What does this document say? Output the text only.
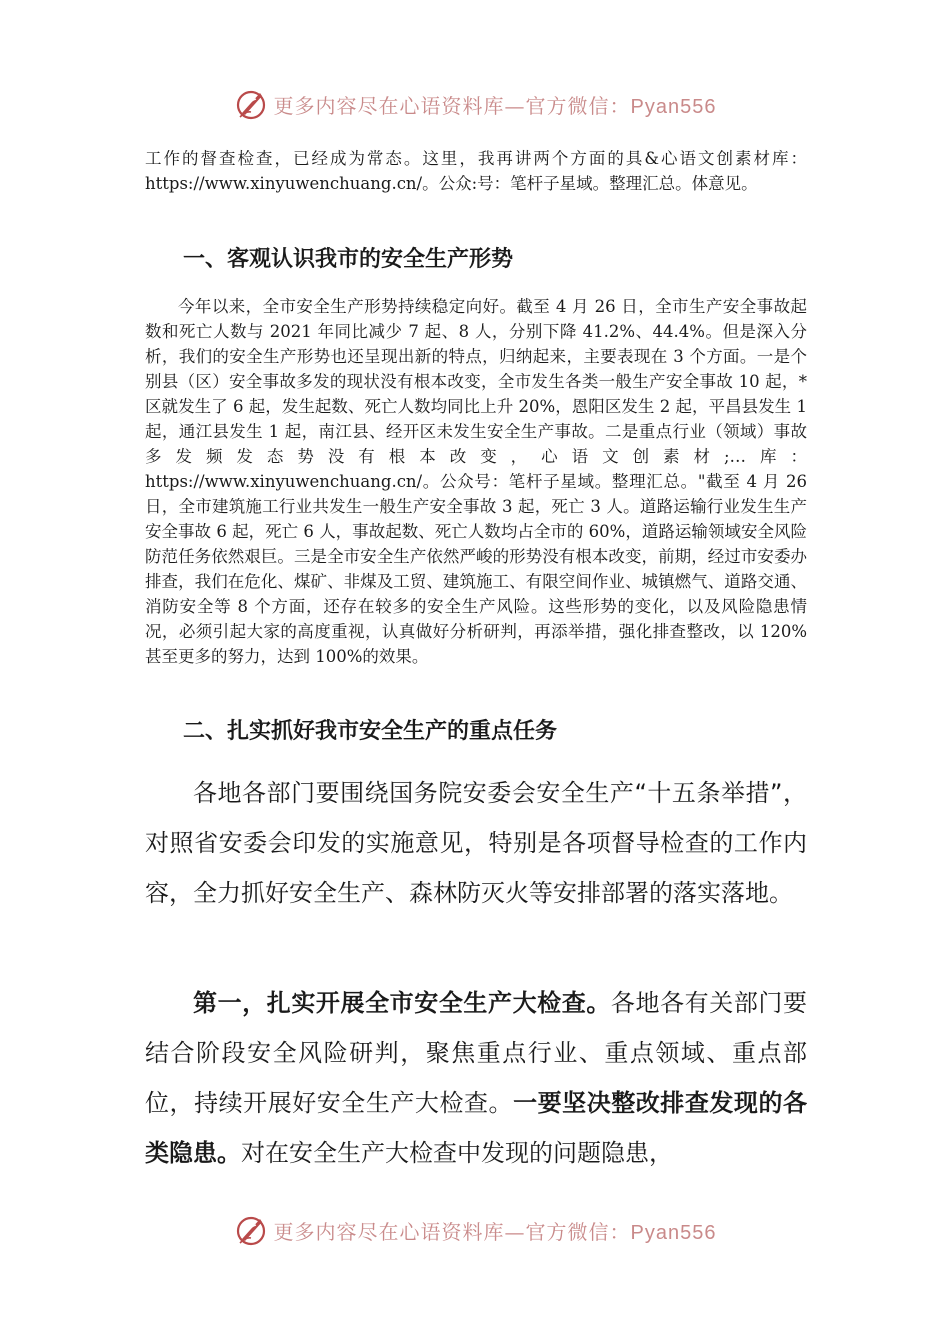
更多内容尽在心语资料库—官方微信：Pyan556

工作的督查检查，已经成为常态。这里，我再讲两个方面的具&心语文创素材库：https://www.xinyuwenchuang.cn/。公众:号：笔杆子星域。整理汇总。体意见。

一、客观认识我市的安全生产形势

今年以来，全市安全生产形势持续稳定向好。截至 4 月 26 日，全市生产安全事故起数和死亡人数与 2021 年同比减少 7 起、8 人，分别下降 41.2%、44.4%。但是深入分析，我们的安全生产形势也还呈现出新的特点，归纳起来，主要表现在 3 个方面。一是个别县（区）安全事故多发的现状没有根本改变，全市发生各类一般生产安全事故 10 起，*区就发生了 6 起，发生起数、死亡人数均同比上升 20%，恩阳区发生 2 起，平昌县发生 1 起，通江县发生 1 起，南江县、经开区未发生安全生产事故。二是重点行业（领域）事故多发频发态势没有根本改变，心语文创素材;…库：https://www.xinyuwenchuang.cn/。公众号：笔杆子星域。整理汇总。"截至 4 月 26 日，全市建筑施工行业共发生一般生产安全事故 3 起，死亡 3 人。道路运输行业发生生产安全事故 6 起，死亡 6 人，事故起数、死亡人数均占全市的 60%，道路运输领域安全风险防范任务依然艰巨。三是全市安全生产依然严峻的形势没有根本改变，前期，经过市安委办排查，我们在危化、煤矿、非煤及工贸、建筑施工、有限空间作业、城镇燃气、道路交通、消防安全等 8 个方面，还存在较多的安全生产风险。这些形势的变化，以及风险隐患情况，必须引起大家的高度重视，认真做好分析研判，再添举措，强化排查整改，以 120%甚至更多的努力，达到 100%的效果。

二、扎实抓好我市安全生产的重点任务

各地各部门要围绕国务院安委会安全生产“十五条举措”，对照省安委会印发的实施意见，特别是各项督导检查的工作内容，全力抓好安全生产、森林防灭火等安排部署的落实落地。

第一，扎实开展全市安全生产大检查。各地各有关部门要结合阶段安全风险研判，聚焦重点行业、重点领域、重点部位，持续开展好安全生产大检查。一要坚决整改排查发现的各类隐患。对在安全生产大检查中发现的问题隐患，

更多内容尽在心语资料库—官方微信：Pyan556
